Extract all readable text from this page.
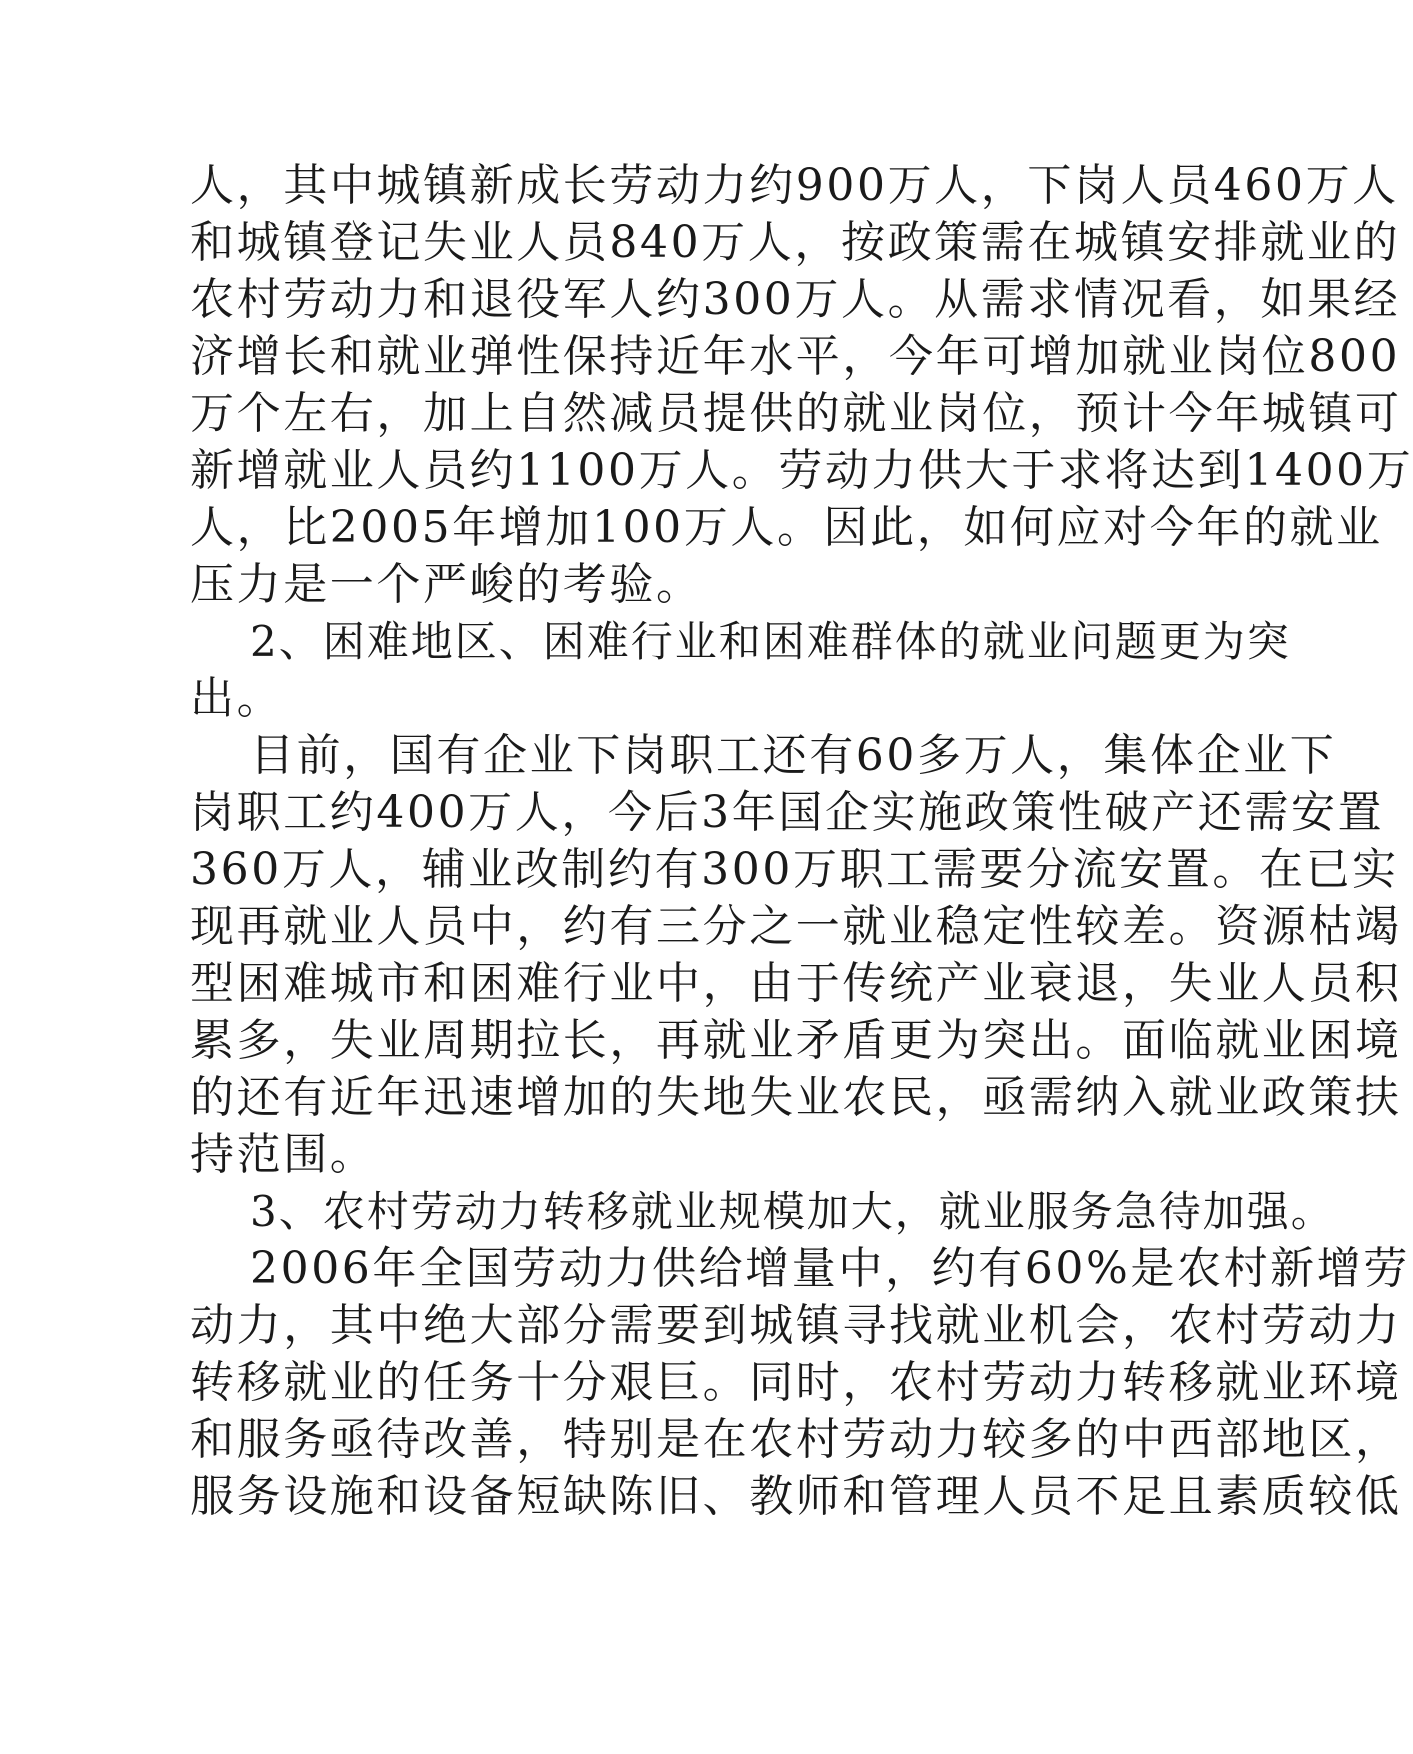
人，其中城镇新成长劳动力约900万人，下岗人员460万人
和城镇登记失业人员840万人，按政策需在城镇安排就业的
农村劳动力和退役军人约300万人。从需求情况看，如果经
济增长和就业弹性保持近年水平，今年可增加就业岗位800
万个左右，加上自然减员提供的就业岗位，预计今年城镇可
新增就业人员约1100万人。劳动力供大于求将达到1400万
人，比2005年增加100万人。因此，如何应对今年的就业
压力是一个严峻的考验。
2、困难地区、困难行业和困难群体的就业问题更为突
出。
目前，国有企业下岗职工还有60多万人，集体企业下
岗职工约400万人，今后3年国企实施政策性破产还需安置
360万人，辅业改制约有300万职工需要分流安置。在已实
现再就业人员中，约有三分之一就业稳定性较差。资源枯竭
型困难城市和困难行业中，由于传统产业衰退，失业人员积
累多，失业周期拉长，再就业矛盾更为突出。面临就业困境
的还有近年迅速增加的失地失业农民，亟需纳入就业政策扶
持范围。
3、农村劳动力转移就业规模加大，就业服务急待加强。
2006年全国劳动力供给增量中，约有60%是农村新增劳
动力，其中绝大部分需要到城镇寻找就业机会，农村劳动力
转移就业的任务十分艰巨。同时，农村劳动力转移就业环境
和服务亟待改善，特别是在农村劳动力较多的中西部地区，
服务设施和设备短缺陈旧、教师和管理人员不足且素质较低
